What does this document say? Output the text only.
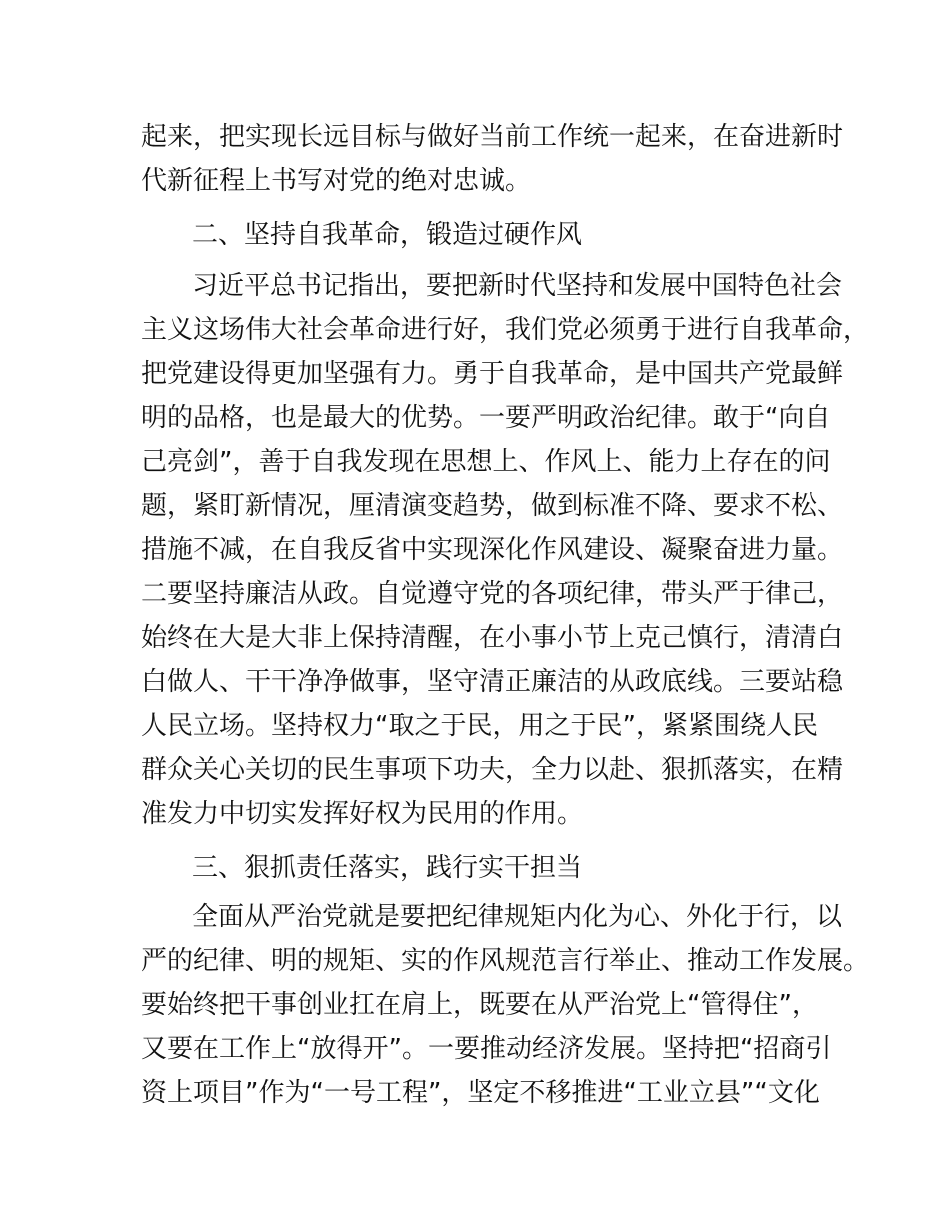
起来，把实现长远目标与做好当前工作统一起来，在奋进新时
代新征程上书写对党的绝对忠诚。
二、坚持自我革命，锻造过硬作风
习近平总书记指出，要把新时代坚持和发展中国特色社会
主义这场伟大社会革命进行好，我们党必须勇于进行自我革命，
把党建设得更加坚强有力。勇于自我革命，是中国共产党最鲜
明的品格，也是最大的优势。一要严明政治纪律。敢于“向自
己亮剑”，善于自我发现在思想上、作风上、能力上存在的问
题，紧盯新情况，厘清演变趋势，做到标准不降、要求不松、
措施不减，在自我反省中实现深化作风建设、凝聚奋进力量。
二要坚持廉洁从政。自觉遵守党的各项纪律，带头严于律己，
始终在大是大非上保持清醒，在小事小节上克己慎行，清清白
白做人、干干净净做事，坚守清正廉洁的从政底线。三要站稳
人民立场。坚持权力“取之于民，用之于民”，紧紧围绕人民
群众关心关切的民生事项下功夫，全力以赴、狠抓落实，在精
准发力中切实发挥好权为民用的作用。
三、狠抓责任落实，践行实干担当
全面从严治党就是要把纪律规矩内化为心、外化于行，以
严的纪律、明的规矩、实的作风规范言行举止、推动工作发展。
要始终把干事创业扛在肩上，既要在从严治党上“管得住”，
又要在工作上“放得开”。一要推动经济发展。坚持把“招商引
资上项目”作为“一号工程”，坚定不移推进“工业立县”“文化
